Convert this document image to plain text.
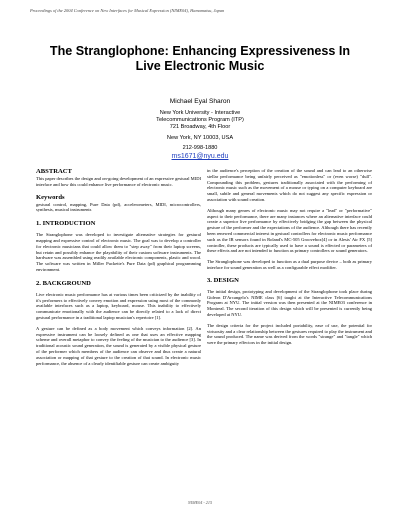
Proceedings of the 2004 Conference on New Interfaces for Musical Expression (NIME04), Hamamatsu, Japan
The Stranglophone: Enhancing Expressiveness In
Live Electronic Music
Michael Eyal Sharon
New York University - Interactive
Telecommunications Program (ITP)
721 Broadway, 4th Floor
New York, NY 10003, USA
212-998-1880
ms1671@nyu.edu
ABSTRACT

This paper describes the design and on-going development of an expressive gestural MIDI interface and how this could enhance live performance of electronic music.

Keywords

gestural control, mapping, Pure Data (pd), accelerometers, MIDI, microcontrollers, synthesis, musical instruments

1. INTRODUCTION

The Stranglophone was developed to investigate alternative strategies for gestural mapping and expressive control of electronic music. The goal was to develop a controller for electronic musicians that could allow them to "step away" from their laptop screens, but retain and possibly enhance the playability of their custom software instruments. The hardware was assembled using readily available electronic components, plastic and wood. The software was written in Miller Puckette's Pure Data (pd) graphical programming environment.

2. BACKGROUND

Live electronic music performance has at various times been criticized by the inability of it's performers to effectively convey emotion and expression using most of the commonly available interfaces such as a laptop, keyboard, mouse. This inability to effectively communicate emotionally with the audience can be directly related to a lack of direct gestural performance in a traditional laptop musician's repertoire [1].

A gesture can be defined as a body movement which conveys information [2]. An expressive instrument can be loosely defined as one that uses an effective mapping scheme and overall metaphor to convey the feeling of the musician to the audience [3]. In traditional acoustic sound generation, the sound is generated by a visible physical gesture of the performer which members of the audience can observe and thus create a natural association or mapping of that gesture to the creation of that sound. In electronic music performance, the absence of a clearly identifiable gesture can create ambiguity

in the audience's perception of the creation of the sound and can lead to an otherwise stellar performance being unfairly perceived as "emotionless" or (even worse) "dull". Compounding this problem, gestures traditionally associated with the performing of electronic music such as the movement of a mouse or typing on a computer keyboard are small, subtle and general movements which do not suggest any specific expression or association with sound creation.

Although many genres of electronic music may not require a "lead" or "performative" aspect to their performance, there are many instances where an alternative interface could create a superior live performance by effectively bridging the gap between the physical gesture of the performer and the expectations of the audience. Although there has recently been renewed commercial interest in gestural controllers for electronic music performance such as the IR sensors found in Roland's MC-505 Groovebox[4] or in Alesis' Air FX [5] controller, these products are typically used to have a sound is effected or parameters of these effects and are not intended to function as primary controllers or sound generators.

The Stranglophone was developed to function as a dual purpose device – both as primary interface for sound generation as well as a configurable effect modifier.

3. DESIGN

The initial design, prototyping and development of the Stranglophone took place during Gideon D'Arcangelo's NIME class [6] taught at the Interactive Telecommunications Program at NYU. The initial version was then presented at the NIME03 conference in Montreal. The second iteration of this design which will be presented is currently being developed at NYU.

The design criteria for the project included portability, ease of use, the potential for virtuosity and a clear relationship between the gestures required to play the instrument and the sound produced. The name was derived from the words "strange" and "tangle" which were the primary effectors in the initial design.

NIME04 - 215
